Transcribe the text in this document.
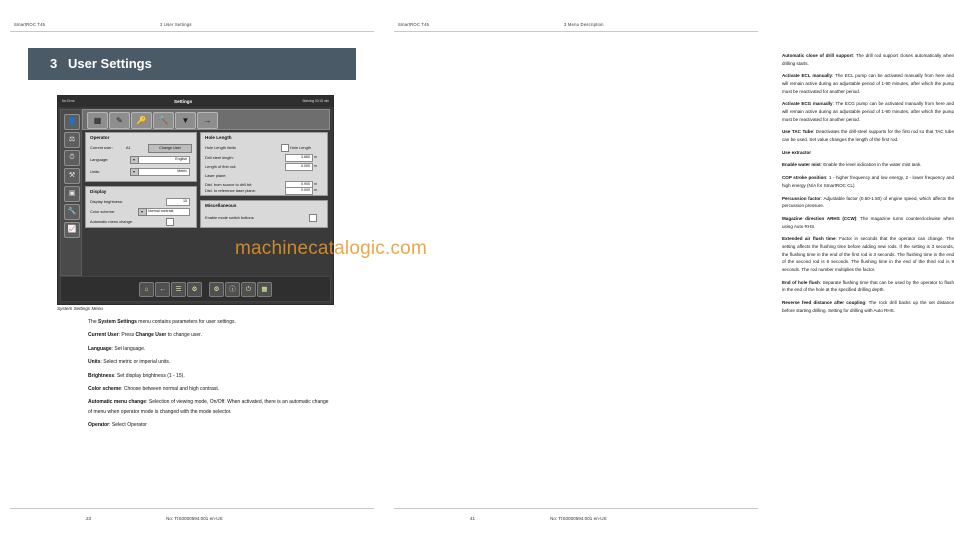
SmartROC T45	3 User Settings
3 User Settings
No Error	Settings	Warning 00:15 min
👤
⚖
⏱
⚒
▣
🔧
📈
▦	✎	🔑	🔨	▼	→
Operator
Current user:	A1	Change User
Language:	English
Units:	Metric
Display
Display brightness:	15
Color scheme:	Normal contrast
Automatic menu change:
Hole Length
Hole Length limits	Hole Length
Drill steel length:	3.660 m
Length of first rod:	0.000 m
Laser plane:
Dist. from source to drill bit:	0.900 m
Dist. to reference laser plane:	0.000 m
Miscellaneous
Enable mode switch buttons
⌂	←	☰	⚙	⚙	ⓘ	⏻	▦
System Settings Menu

The System Settings menu contains parameters for user settings.

Current User: Press Change User to change user.

Language: Set language.

Units: Select metric or imperial units.

Brightness: Set display brightness (1 - 15).

Color scheme: Choose between normal and high contrast.

Automatic menu change: Selection of viewing mode, On/Off. When activated, there is an automatic change of menu when operator mode is changed with the mode selector.

Operator: Select Operator

23	No: TIS0000594.001 en-US
SmartROC T45	3 Menu Description

Automatic close of drill support: The drill rod support closes automatically when drilling starts.

Activate ECL manually: The ECL pump can be activated manually from here and will remain active during an adjustable period of 1-90 minutes, after which the pump must be reactivated for another period.

Activate ECG manually: The ECG pump can be activated manually from here and will remain active during an adjustable period of 1-90 minutes, after which the pump must be reactivated for another period.

Use TAC Tube: Deactivates the drill-steel supports for the first rod so that TAC tube can be used. Set value changes the length of the first rod.

Use extractor

Enable water mist: Enable the level indication in the water mist tank.

COP stroke position: 1 - higher frequency and low energy, 2 - lower frequency and high energy (N/A for SmartROC CL)

Percussion factor: Adjustable factor (0.50-1.50) of engine speed, which affects the percussion pressure.

Magazine direction ARHS (CCW): The magazine turns counterclockwise when using Auto RHS.

Extended air flush time: Factor in seconds that the operator can change. The setting affects the flushing time before adding new rods. If the setting is 3 seconds, the flushing time in the end of the first rod is 3 seconds. The flushing time in the end of the second rod is 6 seconds. The flushing time in the end of the third rod is 9 seconds. The rod number multiplies the factor.

End of hole flush: Separate flushing time that can be used by the operator to flush in the end of the hole at the specified drilling depth.

Reverse feed distance after coupling: The rock drill backs up the set distance before starting drilling. Setting for drilling with Auto RHS.

41	No: TIS0000594.001 en-US
machinecatalogic.com
